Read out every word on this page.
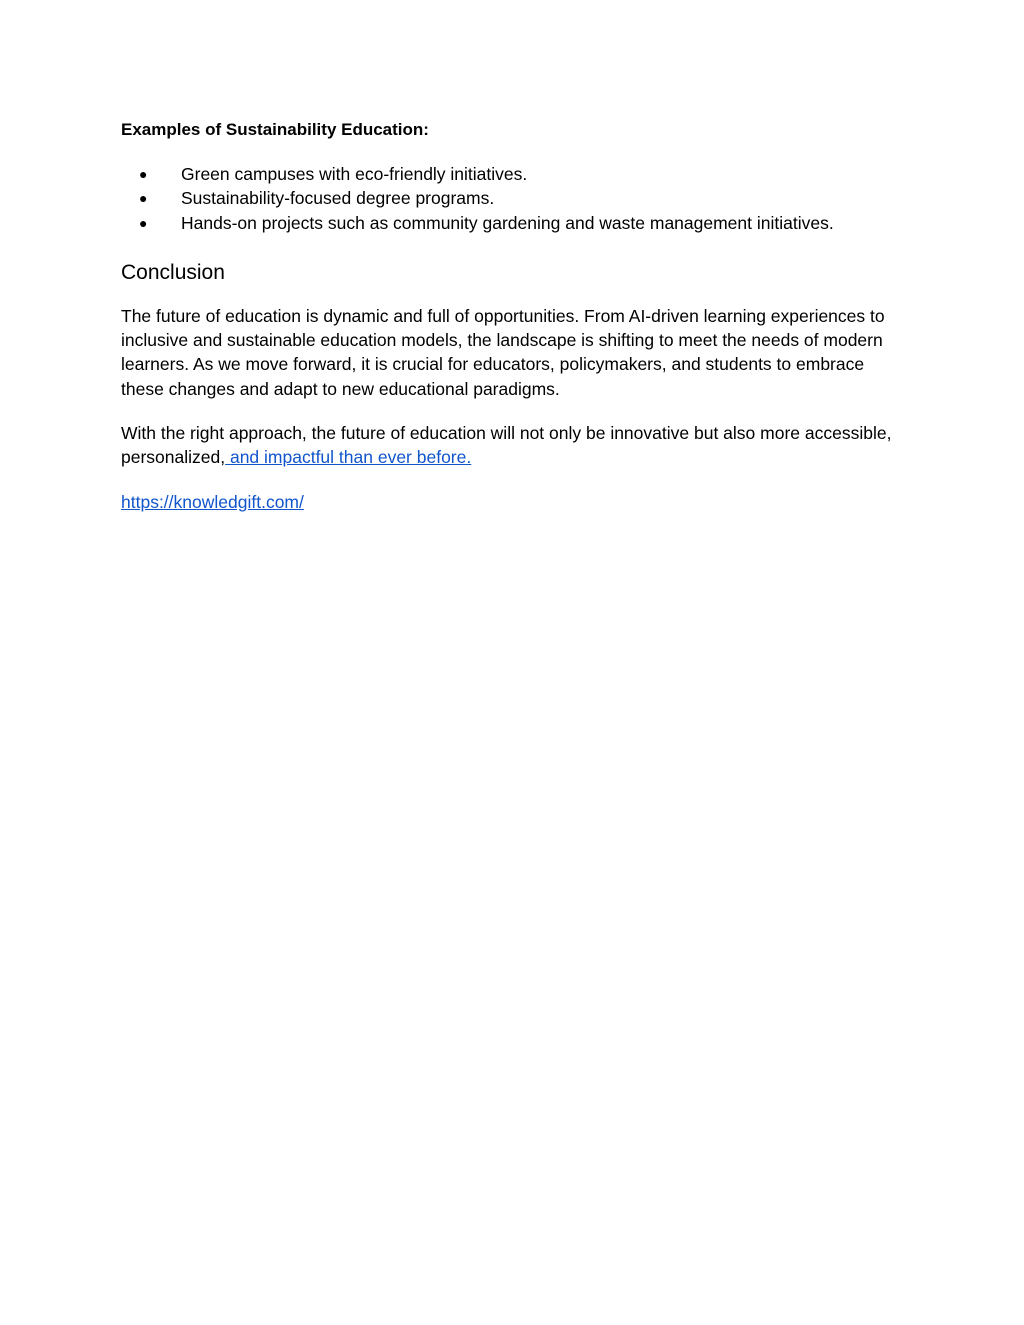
Examples of Sustainability Education:

● Green campuses with eco-friendly initiatives.
● Sustainability-focused degree programs.
● Hands-on projects such as community gardening and waste management initiatives.
Conclusion

The future of education is dynamic and full of opportunities. From AI-driven learning experiences to inclusive and sustainable education models, the landscape is shifting to meet the needs of modern learners. As we move forward, it is crucial for educators, policymakers, and students to embrace these changes and adapt to new educational paradigms.

With the right approach, the future of education will not only be innovative but also more accessible, personalized, and impactful than ever before.

https://knowledgift.com/
